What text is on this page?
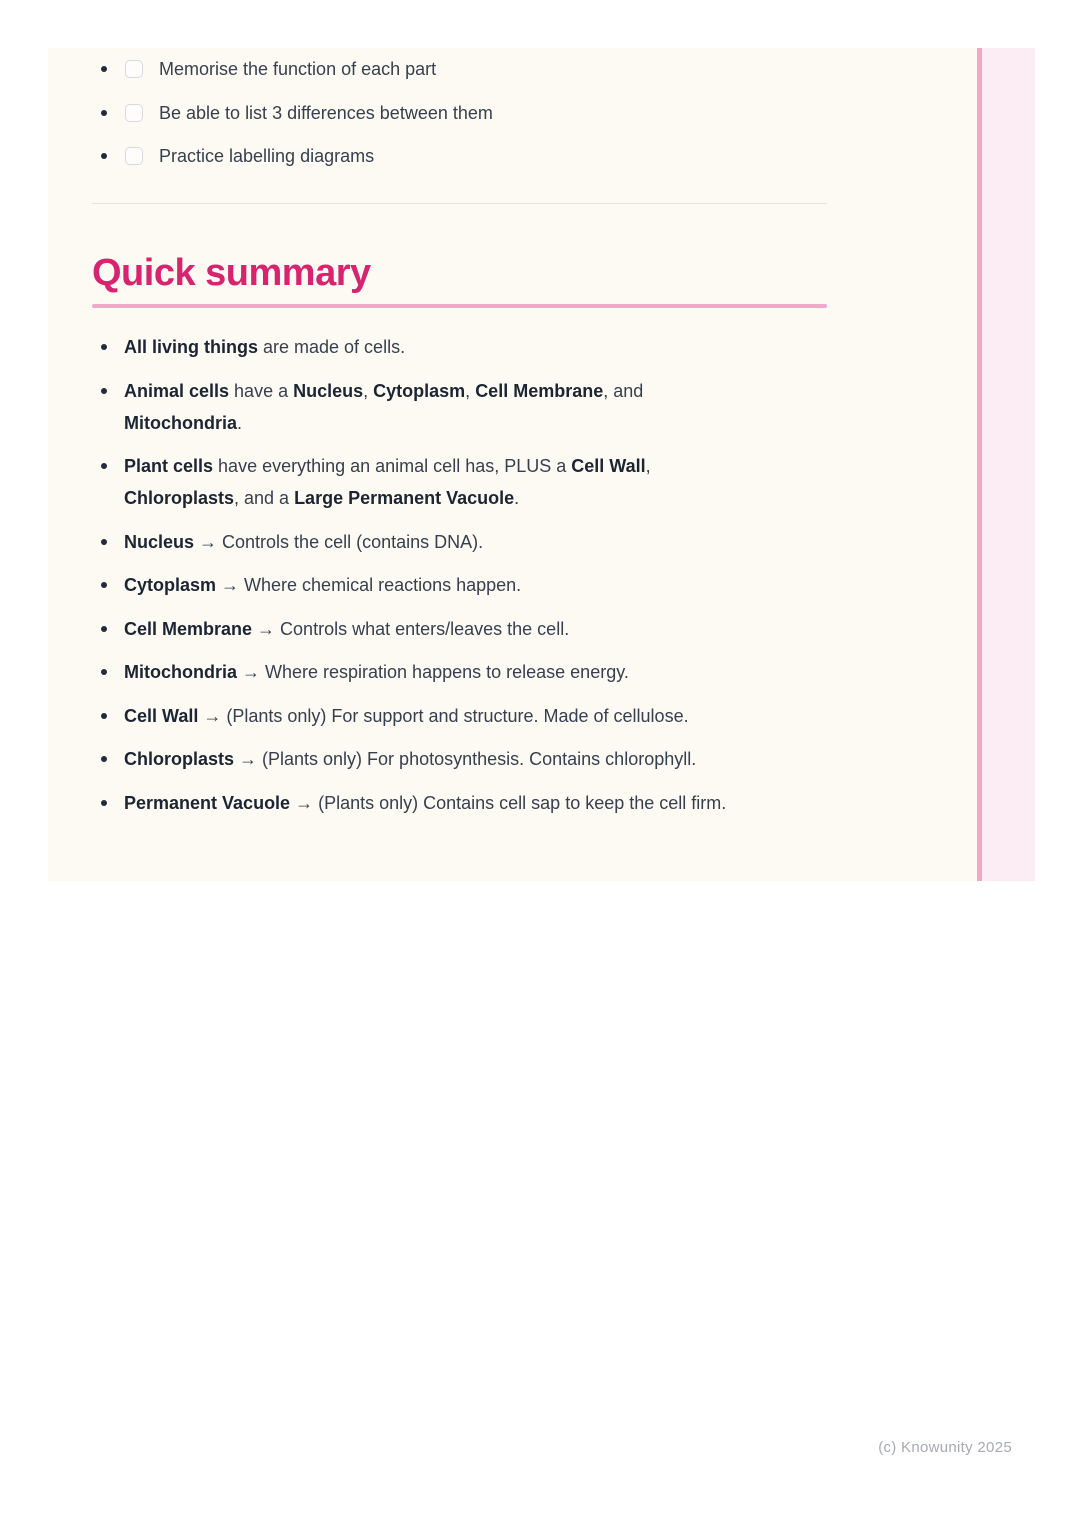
Memorise the function of each part
Be able to list 3 differences between them
Practice labelling diagrams
Quick summary
All living things are made of cells.
Animal cells have a Nucleus, Cytoplasm, Cell Membrane, and
Mitochondria.
Plant cells have everything an animal cell has, PLUS a Cell Wall,
Chloroplasts, and a Large Permanent Vacuole.
Nucleus → Controls the cell (contains DNA).
Cytoplasm → Where chemical reactions happen.
Cell Membrane → Controls what enters/leaves the cell.
Mitochondria → Where respiration happens to release energy.
Cell Wall → (Plants only) For support and structure. Made of cellulose.
Chloroplasts → (Plants only) For photosynthesis. Contains chlorophyll.
Permanent Vacuole → (Plants only) Contains cell sap to keep the cell firm.
(c) Knowunity 2025
